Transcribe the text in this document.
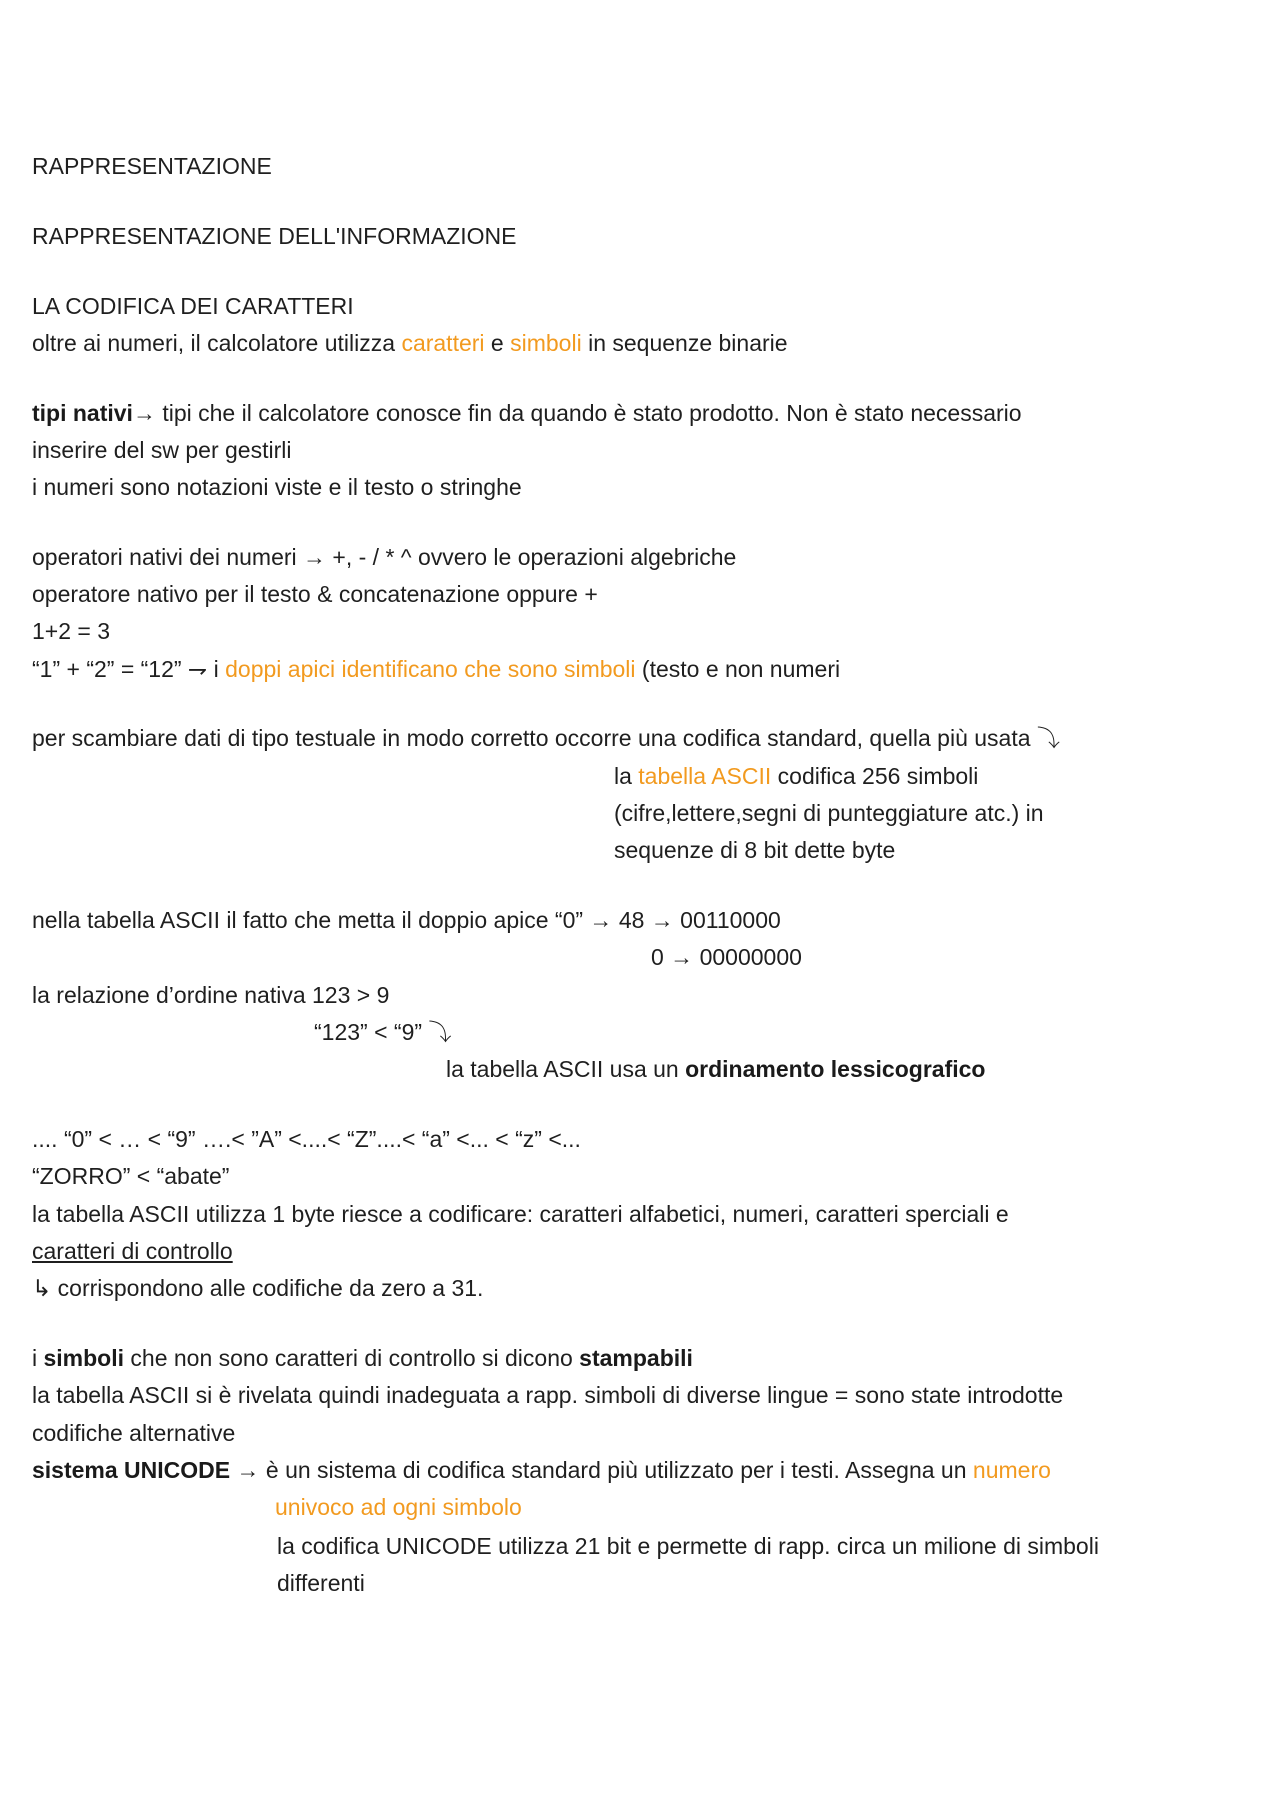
RAPPRESENTAZIONE
RAPPRESENTAZIONE DELL'INFORMAZIONE
LA CODIFICA DEI CARATTERI
oltre ai numeri, il calcolatore utilizza caratteri e simboli in sequenze binarie
tipi nativi→ tipi che il calcolatore conosce fin da quando è stato prodotto. Non è stato necessario
inserire del sw per gestirli
i numeri sono notazioni viste e il testo o stringhe
operatori nativi dei numeri → +, - / * ^ ovvero le operazioni algebriche
operatore nativo per il testo & concatenazione oppure +
1+2 = 3
“1” + “2” = “12” ⇁ i doppi apici identificano che sono simboli (testo e non numeri
per scambiare dati di tipo testuale in modo corretto occorre una codifica standard, quella più usata ⤵
la tabella ASCII codifica 256 simboli
(cifre,lettere,segni di punteggiature atc.) in
sequenze di 8 bit dette byte
nella tabella ASCII il fatto che metta il doppio apice “0” → 48 → 00110000
0 → 00000000
la relazione d’ordine nativa 123 > 9
“123” < “9” ⤵
la tabella ASCII usa un ordinamento lessicografico
.... “0” < … < “9” ….< ”A” <....< “Z”....< “a” <... < “z” <...
“ZORRO” < “abate”
la tabella ASCII utilizza 1 byte riesce a codificare: caratteri alfabetici, numeri, caratteri sperciali e
caratteri di controllo
↳ corrispondono alle codifiche da zero a 31.
i simboli che non sono caratteri di controllo si dicono stampabili
la tabella ASCII si è rivelata quindi inadeguata a rapp. simboli di diverse lingue = sono state introdotte
codifiche alternative
sistema UNICODE → è un sistema di codifica standard più utilizzato per i testi. Assegna un numero
univoco ad ogni simbolo
la codifica UNICODE utilizza 21 bit e permette di rapp. circa un milione di simboli
differenti
